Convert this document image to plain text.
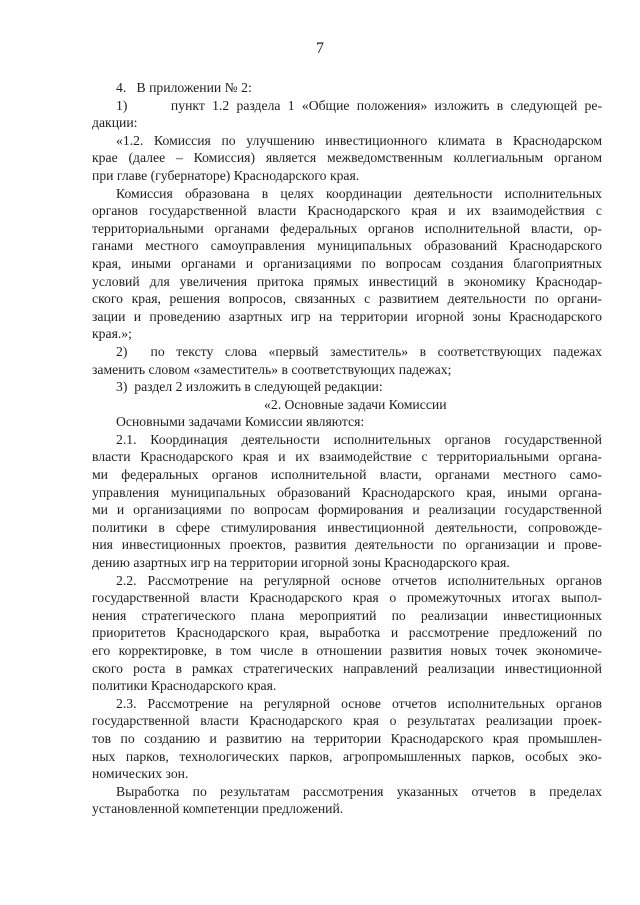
7

4.   В приложении № 2:

1)      пункт 1.2 раздела 1 «Общие положения» изложить в следующей ре-
дакции:

«1.2. Комиссия по улучшению инвестиционного климата в Краснодарском
крае (далее – Комиссия) является межведомственным коллегиальным органом
при главе (губернаторе) Краснодарского края.

Комиссия образована в целях координации деятельности исполнительных
органов государственной власти Краснодарского края и их взаимодействия с
территориальными органами федеральных органов исполнительной власти, ор-
ганами местного самоуправления муниципальных образований Краснодарского
края, иными органами и организациями по вопросам создания благоприятных
условий для увеличения притока прямых инвестиций в экономику Краснодар-
ского края, решения вопросов, связанных с развитием деятельности по органи-
зации и проведению азартных игр на территории игорной зоны Краснодарского
края.»;

2)  по тексту слова «первый заместитель» в соответствующих падежах
заменить словом «заместитель» в соответствующих падежах;

3)  раздел 2 изложить в следующей редакции:

«2. Основные задачи Комиссии

Основными задачами Комиссии являются:

2.1. Координация деятельности исполнительных органов государственной
власти Краснодарского края и их взаимодействие с территориальными органа-
ми федеральных органов исполнительной власти, органами местного само-
управления муниципальных образований Краснодарского края, иными органа-
ми и организациями по вопросам формирования и реализации государственной
политики в сфере стимулирования инвестиционной деятельности, сопровожде-
ния инвестиционных проектов, развития деятельности по организации и прове-
дению азартных игр на территории игорной зоны Краснодарского края.

2.2. Рассмотрение на регулярной основе отчетов исполнительных органов
государственной власти Краснодарского края о промежуточных итогах выпол-
нения стратегического плана мероприятий по реализации инвестиционных
приоритетов Краснодарского края, выработка и рассмотрение предложений по
его корректировке, в том числе в отношении развития новых точек экономиче-
ского роста в рамках стратегических направлений реализации инвестиционной
политики Краснодарского края.

2.3. Рассмотрение на регулярной основе отчетов исполнительных органов
государственной власти Краснодарского края о результатах реализации проек-
тов по созданию и развитию на территории Краснодарского края промышлен-
ных парков, технологических парков, агропромышленных парков, особых эко-
номических зон.

Выработка по результатам рассмотрения указанных отчетов в пределах
установленной компетенции предложений.
